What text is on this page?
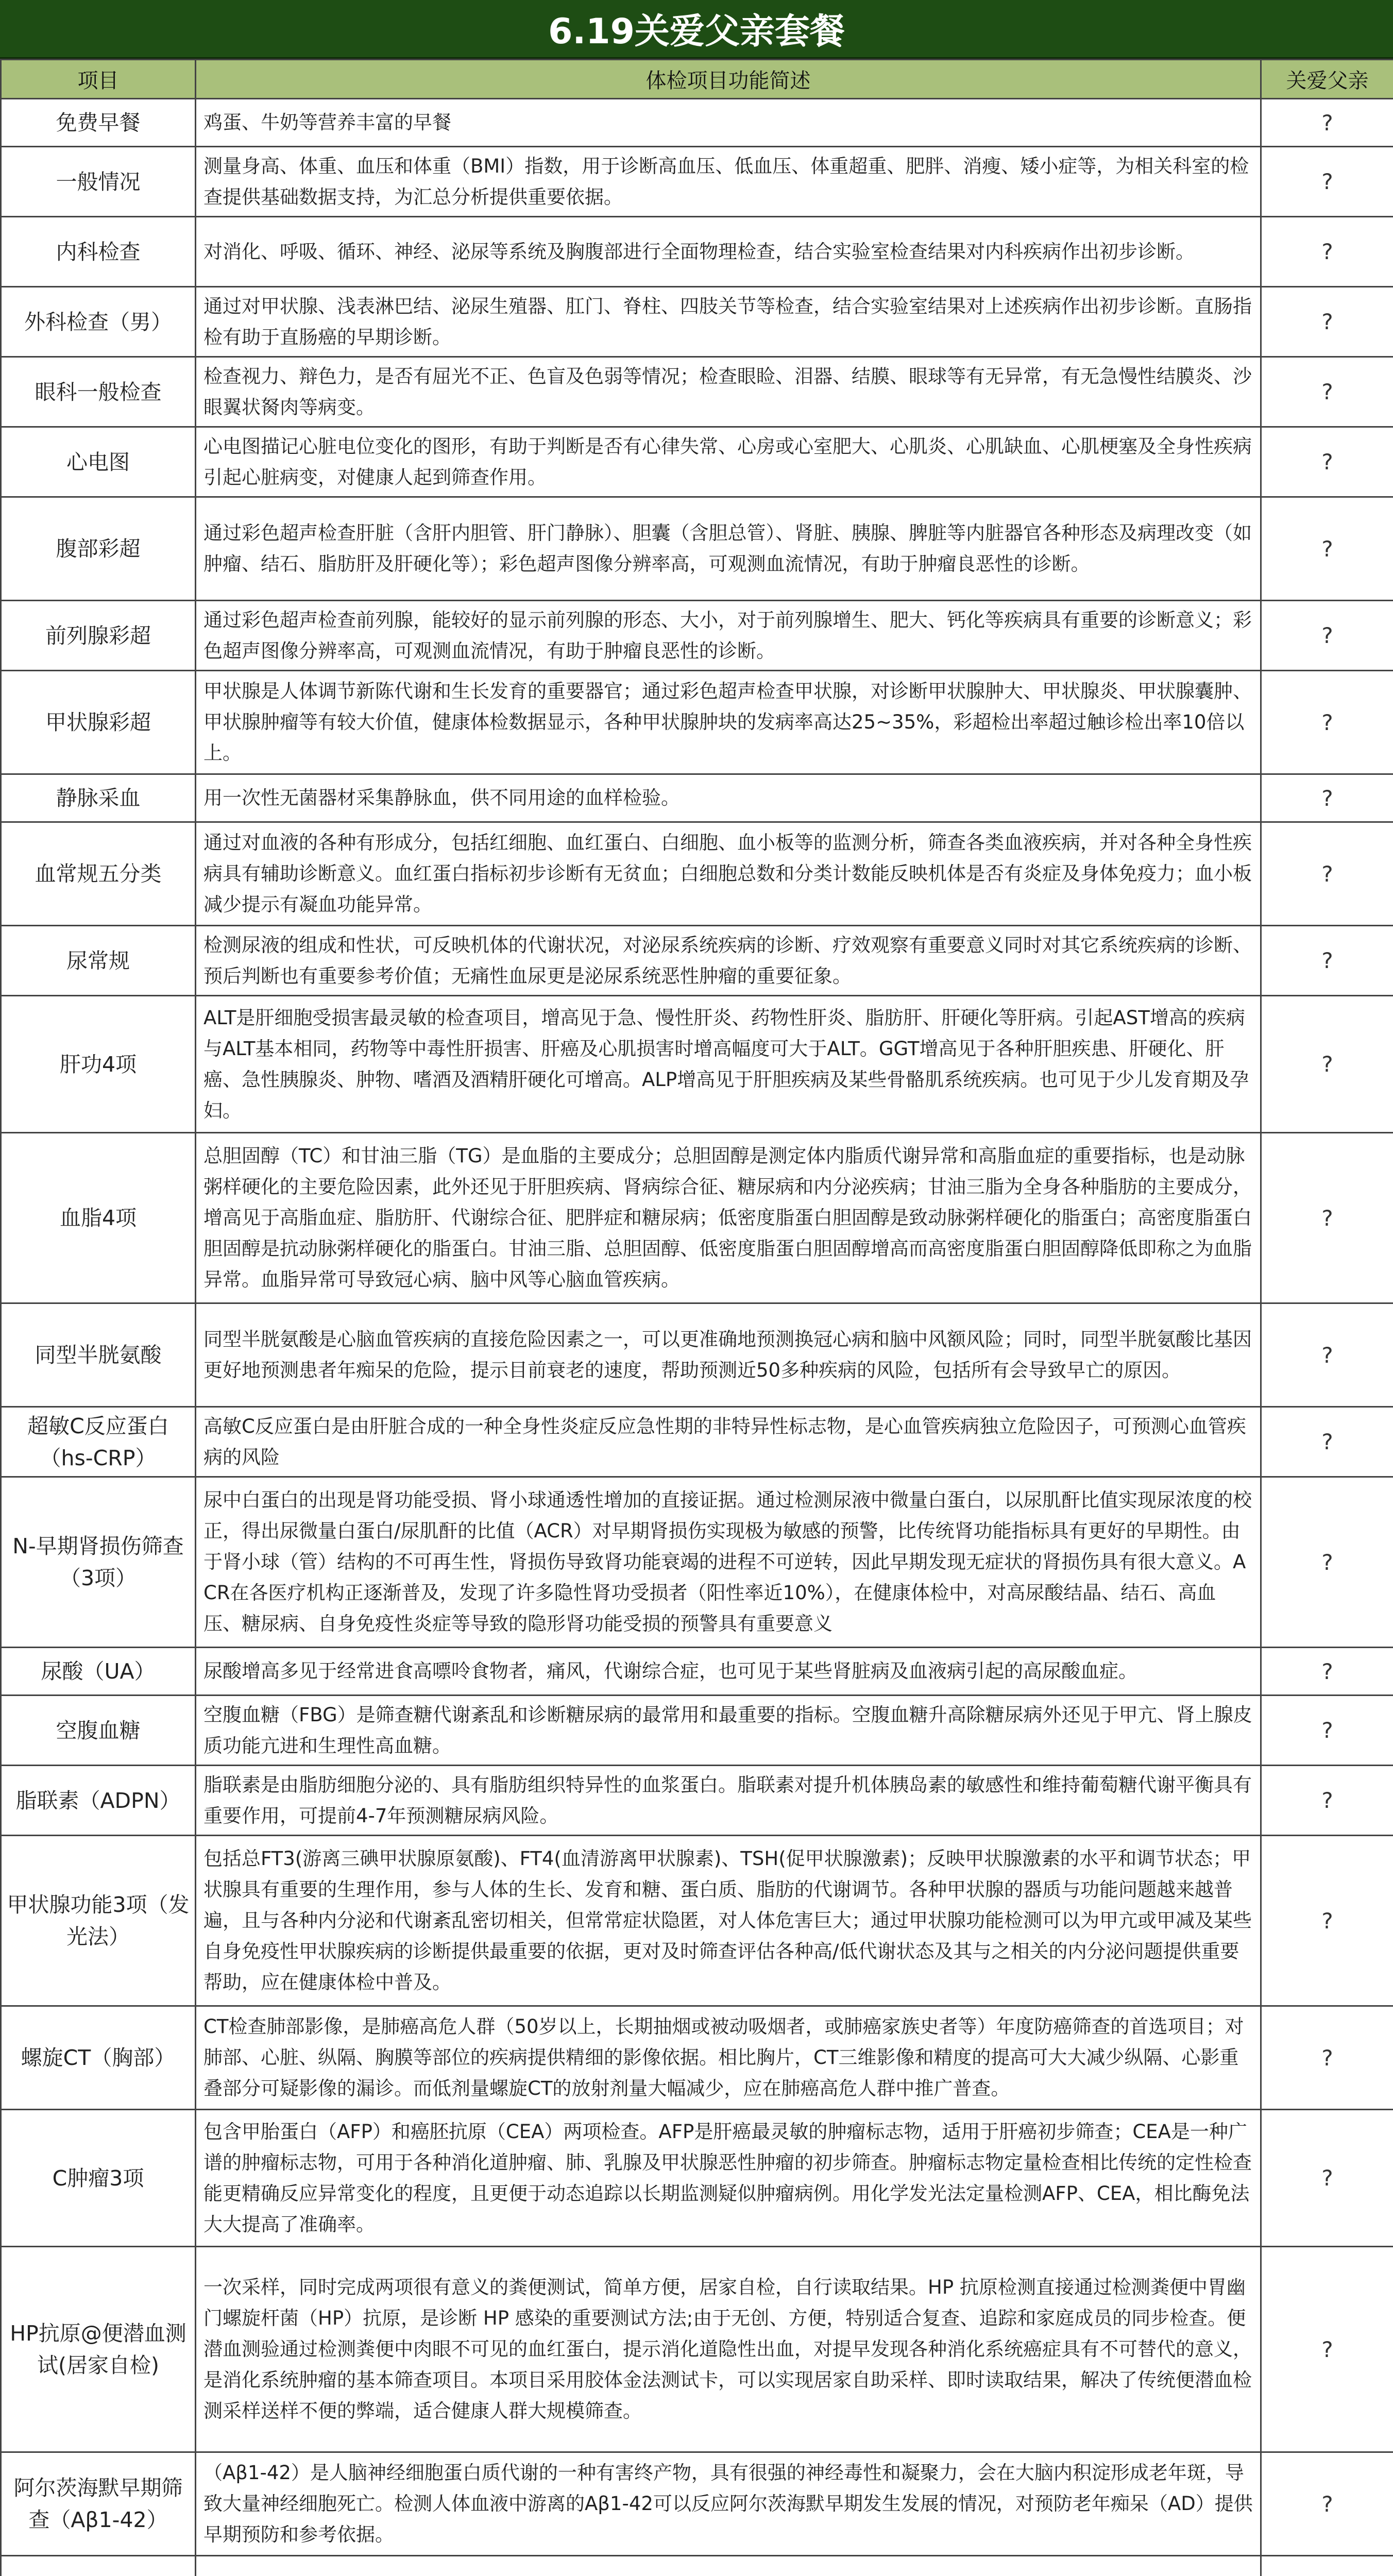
6.19关爱父亲套餐
项目	体检项目功能简述	关爱父亲
免费早餐	鸡蛋、牛奶等营养丰富的早餐	?
一般情况	测量身高、体重、血压和体重（BMI）指数，用于诊断高血压、低血压、体重超重、肥胖、消瘦、矮小症等，为相关科室的检查提供基础数据支持，为汇总分析提供重要依据。	?
内科检查	对消化、呼吸、循环、神经、泌尿等系统及胸腹部进行全面物理检查，结合实验室检查结果对内科疾病作出初步诊断。	?
外科检查（男）	通过对甲状腺、浅表淋巴结、泌尿生殖器、肛门、脊柱、四肢关节等检查，结合实验室结果对上述疾病作出初步诊断。直肠指检有助于直肠癌的早期诊断。	?
眼科一般检查	检查视力、辩色力，是否有屈光不正、色盲及色弱等情况；检查眼睑、泪器、结膜、眼球等有无异常，有无急慢性结膜炎、沙眼翼状胬肉等病变。	?
心电图	心电图描记心脏电位变化的图形，有助于判断是否有心律失常、心房或心室肥大、心肌炎、心肌缺血、心肌梗塞及全身性疾病引起心脏病变，对健康人起到筛查作用。	?
腹部彩超	通过彩色超声检查肝脏（含肝内胆管、肝门静脉）、胆囊（含胆总管）、肾脏、胰腺、脾脏等内脏器官各种形态及病理改变（如肿瘤、结石、脂肪肝及肝硬化等）；彩色超声图像分辨率高，可观测血流情况，有助于肿瘤良恶性的诊断。	?
前列腺彩超	通过彩色超声检查前列腺，能较好的显示前列腺的形态、大小，对于前列腺增生、肥大、钙化等疾病具有重要的诊断意义；彩色超声图像分辨率高，可观测血流情况，有助于肿瘤良恶性的诊断。	?
甲状腺彩超	甲状腺是人体调节新陈代谢和生长发育的重要器官；通过彩色超声检查甲状腺，对诊断甲状腺肿大、甲状腺炎、甲状腺囊肿、甲状腺肿瘤等有较大价值，健康体检数据显示，各种甲状腺肿块的发病率高达25~35%，彩超检出率超过触诊检出率10倍以上。	?
静脉采血	用一次性无菌器材采集静脉血，供不同用途的血样检验。	?
血常规五分类	通过对血液的各种有形成分，包括红细胞、血红蛋白、白细胞、血小板等的监测分析，筛查各类血液疾病，并对各种全身性疾病具有辅助诊断意义。血红蛋白指标初步诊断有无贫血；白细胞总数和分类计数能反映机体是否有炎症及身体免疫力；血小板减少提示有凝血功能异常。	?
尿常规	检测尿液的组成和性状，可反映机体的代谢状况，对泌尿系统疾病的诊断、疗效观察有重要意义同时对其它系统疾病的诊断、预后判断也有重要参考价值；无痛性血尿更是泌尿系统恶性肿瘤的重要征象。	?
肝功4项	ALT是肝细胞受损害最灵敏的检查项目，增高见于急、慢性肝炎、药物性肝炎、脂肪肝、肝硬化等肝病。引起AST增高的疾病与ALT基本相同，药物等中毒性肝损害、肝癌及心肌损害时增高幅度可大于ALT。GGT增高见于各种肝胆疾患、肝硬化、肝癌、急性胰腺炎、肿物、嗜酒及酒精肝硬化可增高。ALP增高见于肝胆疾病及某些骨骼肌系统疾病。也可见于少儿发育期及孕妇。	?
血脂4项	总胆固醇（TC）和甘油三脂（TG）是血脂的主要成分；总胆固醇是测定体内脂质代谢异常和高脂血症的重要指标，也是动脉粥样硬化的主要危险因素，此外还见于肝胆疾病、肾病综合征、糖尿病和内分泌疾病；甘油三脂为全身各种脂肪的主要成分，增高见于高脂血症、脂肪肝、代谢综合征、肥胖症和糖尿病；低密度脂蛋白胆固醇是致动脉粥样硬化的脂蛋白；高密度脂蛋白胆固醇是抗动脉粥样硬化的脂蛋白。甘油三脂、总胆固醇、低密度脂蛋白胆固醇增高而高密度脂蛋白胆固醇降低即称之为血脂异常。血脂异常可导致冠心病、脑中风等心脑血管疾病。	?
同型半胱氨酸	同型半胱氨酸是心脑血管疾病的直接危险因素之一，可以更准确地预测换冠心病和脑中风额风险；同时，同型半胱氨酸比基因更好地预测患者年痴呆的危险，提示目前衰老的速度，帮助预测近50多种疾病的风险，包括所有会导致早亡的原因。	?
超敏C反应蛋白（hs-CRP）	高敏C反应蛋白是由肝脏合成的一种全身性炎症反应急性期的非特异性标志物，是心血管疾病独立危险因子，可预测心血管疾病的风险	?
N-早期肾损伤筛查（3项）	尿中白蛋白的出现是肾功能受损、肾小球通透性增加的直接证据。通过检测尿液中微量白蛋白，以尿肌酐比值实现尿浓度的校正，得出尿微量白蛋白/尿肌酐的比值（ACR）对早期肾损伤实现极为敏感的预警，比传统肾功能指标具有更好的早期性。由于肾小球（管）结构的不可再生性，肾损伤导致肾功能衰竭的进程不可逆转，因此早期发现无症状的肾损伤具有很大意义。ACR在各医疗机构正逐渐普及，发现了许多隐性肾功受损者（阳性率近10%），在健康体检中，对高尿酸结晶、结石、高血压、糖尿病、自身免疫性炎症等导致的隐形肾功能受损的预警具有重要意义	?
尿酸（UA）	尿酸增高多见于经常进食高嘌呤食物者，痛风，代谢综合症，也可见于某些肾脏病及血液病引起的高尿酸血症。	?
空腹血糖	空腹血糖（FBG）是筛查糖代谢紊乱和诊断糖尿病的最常用和最重要的指标。空腹血糖升高除糖尿病外还见于甲亢、肾上腺皮质功能亢进和生理性高血糖。	?
脂联素（ADPN）	脂联素是由脂肪细胞分泌的、具有脂肪组织特异性的血浆蛋白。脂联素对提升机体胰岛素的敏感性和维持葡萄糖代谢平衡具有重要作用，可提前4-7年预测糖尿病风险。	?
甲状腺功能3项（发光法）	包括总FT3(游离三碘甲状腺原氨酸)、FT4(血清游离甲状腺素)、TSH(促甲状腺激素)；反映甲状腺激素的水平和调节状态；甲状腺具有重要的生理作用，参与人体的生长、发育和糖、蛋白质、脂肪的代谢调节。各种甲状腺的器质与功能问题越来越普遍，且与各种内分泌和代谢紊乱密切相关，但常常症状隐匿，对人体危害巨大；通过甲状腺功能检测可以为甲亢或甲减及某些自身免疫性甲状腺疾病的诊断提供最重要的依据，更对及时筛查评估各种高/低代谢状态及其与之相关的内分泌问题提供重要帮助，应在健康体检中普及。	?
螺旋CT（胸部）	CT检查肺部影像，是肺癌高危人群（50岁以上，长期抽烟或被动吸烟者，或肺癌家族史者等）年度防癌筛查的首选项目；对肺部、心脏、纵隔、胸膜等部位的疾病提供精细的影像依据。相比胸片，CT三维影像和精度的提高可大大减少纵隔、心影重叠部分可疑影像的漏诊。而低剂量螺旋CT的放射剂量大幅减少，应在肺癌高危人群中推广普查。	?
C肿瘤3项	包含甲胎蛋白（AFP）和癌胚抗原（CEA）两项检查。AFP是肝癌最灵敏的肿瘤标志物，适用于肝癌初步筛查；CEA是一种广谱的肿瘤标志物，可用于各种消化道肿瘤、肺、乳腺及甲状腺恶性肿瘤的初步筛查。肿瘤标志物定量检查相比传统的定性检查能更精确反应异常变化的程度，且更便于动态追踪以长期监测疑似肿瘤病例。用化学发光法定量检测AFP、CEA，相比酶免法大大提高了准确率。	?
HP抗原@便潜血测试(居家自检)	一次采样，同时完成两项很有意义的粪便测试，简单方便，居家自检，自行读取结果。HP 抗原检测直接通过检测粪便中胃幽门螺旋杆菌（HP）抗原，是诊断 HP 感染的重要测试方法;由于无创、方便，特别适合复查、追踪和家庭成员的同步检查。便潜血测验通过检测粪便中肉眼不可见的血红蛋白，提示消化道隐性出血，对提早发现各种消化系统癌症具有不可替代的意义，是消化系统肿瘤的基本筛查项目。本项目采用胶体金法测试卡，可以实现居家自助采样、即时读取结果，解决了传统便潜血检测采样送样不便的弊端，适合健康人群大规模筛查。	?
阿尔茨海默早期筛查（Aβ1-42）	（Aβ1-42）是人脑神经细胞蛋白质代谢的一种有害终产物，具有很强的神经毒性和凝聚力，会在大脑内积淀形成老年斑，导致大量神经细胞死亡。检测人体血液中游离的Aβ1-42可以反应阿尔茨海默早期发生发展的情况，对预防老年痴呆（AD）提供早期预防和参考依据。	?
